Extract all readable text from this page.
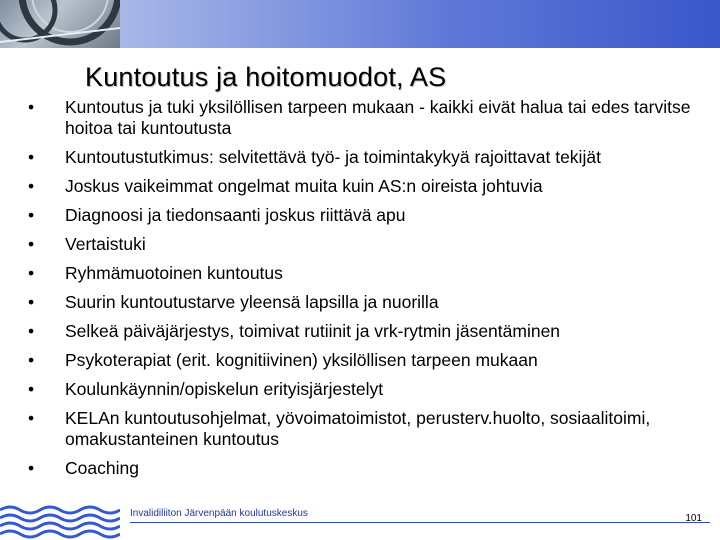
Kuntoutus ja hoitomuodot, AS
•	Kuntoutus ja tuki yksilöllisen tarpeen mukaan - kaikki eivät halua tai edes tarvitse hoitoa tai kuntoutusta
•	Kuntoutustutkimus: selvitettävä työ- ja toimintakykyä rajoittavat tekijät
•	Joskus vaikeimmat ongelmat muita kuin AS:n oireista johtuvia
•	Diagnoosi ja tiedonsaanti joskus riittävä apu
•	Vertaistuki
•	Ryhmämuotoinen kuntoutus
•	Suurin kuntoutustarve yleensä lapsilla ja nuorilla
•	Selkeä päiväjärjestys, toimivat rutiinit ja vrk-rytmin jäsentäminen
•	Psykoterapiat (erit. kognitiivinen) yksilöllisen tarpeen mukaan
•	Koulunkäynnin/opiskelun erityisjärjestelyt
•	KELAn kuntoutusohjelmat, yövoimatoimistot, perusterv.huolto, sosiaalitoimi, omakustanteinen kuntoutus
•	Coaching
Invalidiliiton Järvenpään koulutuskeskus	101
